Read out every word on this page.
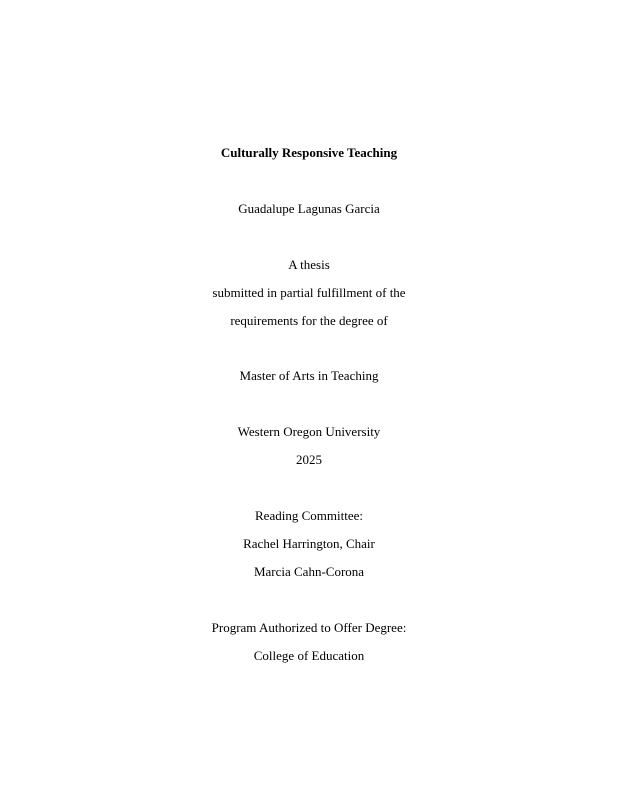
Culturally Responsive Teaching
Guadalupe Lagunas Garcia
A thesis
submitted in partial fulfillment of the
requirements for the degree of
Master of Arts in Teaching
Western Oregon University
2025
Reading Committee:
Rachel Harrington, Chair
Marcia Cahn-Corona
Program Authorized to Offer Degree:
College of Education
